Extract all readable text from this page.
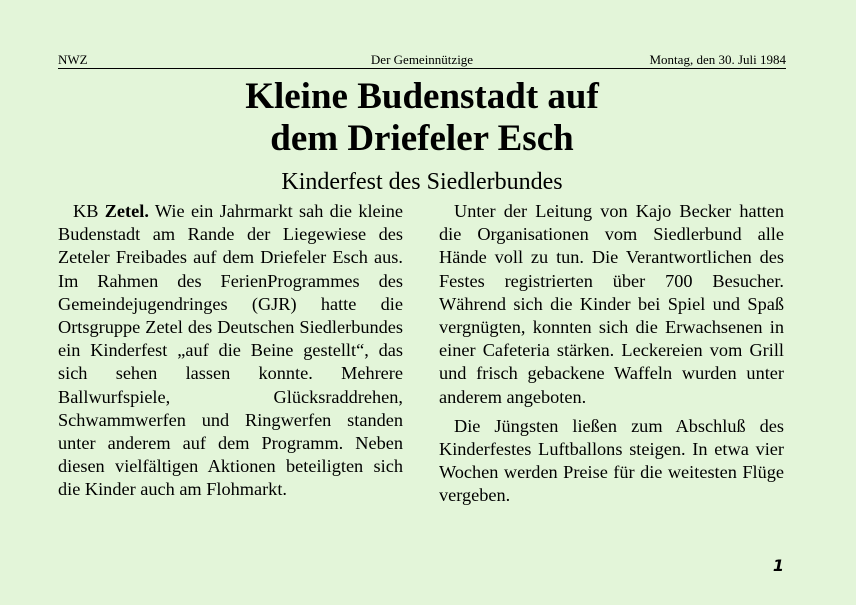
NWZ	Der Gemeinnützige	Montag, den 30. Juli 1984
Kleine Budenstadt auf
dem Driefeler Esch
Kinderfest des Siedlerbundes

KB Zetel. Wie ein Jahrmarkt sah die kleine Budenstadt am Rande der Liegewiese des Zeteler Freibades auf dem Driefeler Esch aus. Im Rahmen des FerienProgrammes des Gemeindejugendringes (GJR) hatte die Ortsgruppe Zetel des Deutschen Siedlerbundes ein Kinderfest „auf die Beine gestellt“, das sich sehen lassen konnte. Mehrere Ballwurfspiele, Glücksraddrehen, Schwammwerfen und Ringwerfen standen unter anderem auf dem Programm. Neben diesen vielfältigen Aktionen beteiligten sich die Kinder auch am Flohmarkt.

Unter der Leitung von Kajo Becker hatten die Organisationen vom Siedlerbund alle Hände voll zu tun. Die Verantwortlichen des Festes registrierten über 700 Besucher. Während sich die Kinder bei Spiel und Spaß vergnügten, konnten sich die Erwachsenen in einer Cafeteria stärken. Leckereien vom Grill und frisch gebackene Waffeln wurden unter anderem angeboten.

Die Jüngsten ließen zum Abschluß des Kinderfestes Luftballons steigen. In etwa vier Wochen werden Preise für die weitesten Flüge vergeben.

1
